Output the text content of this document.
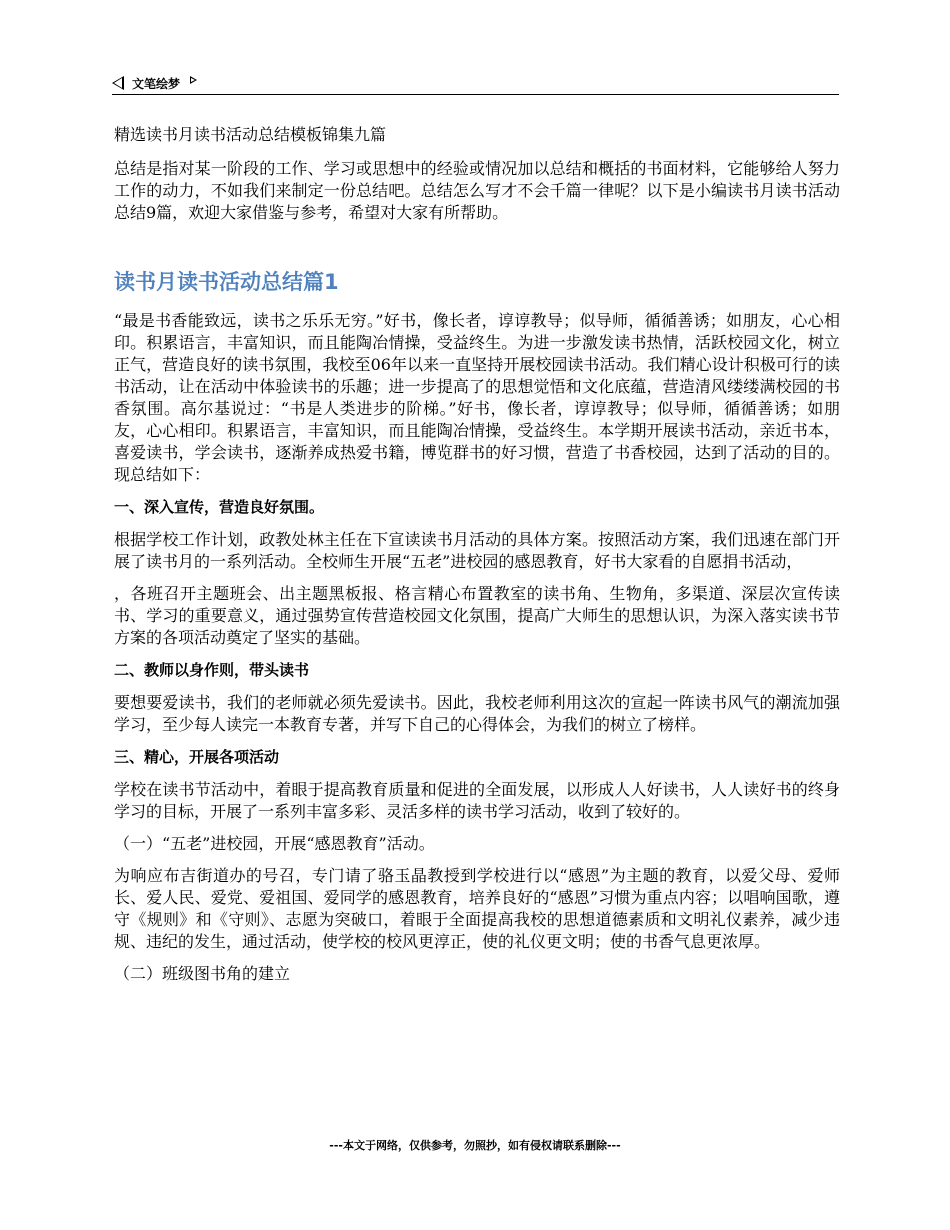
文笔绘梦

精选读书月读书活动总结模板锦集九篇

总结是指对某一阶段的工作、学习或思想中的经验或情况加以总结和概括的书面材料，它能够给人努力工作的动力，不如我们来制定一份总结吧。总结怎么写才不会千篇一律呢？以下是小编读书月读书活动总结9篇，欢迎大家借鉴与参考，希望对大家有所帮助。

读书月读书活动总结篇1

“最是书香能致远，读书之乐乐无穷。”好书，像长者，谆谆教导；似导师，循循善诱；如朋友，心心相印。积累语言，丰富知识，而且能陶冶情操，受益终生。为进一步激发读书热情，活跃校园文化，树立正气，营造良好的读书氛围，我校至06年以来一直坚持开展校园读书活动。我们精心设计积极可行的读书活动，让在活动中体验读书的乐趣；进一步提高了的思想觉悟和文化底蕴，营造清风缕缕满校园的书香氛围。高尔基说过：“书是人类进步的阶梯。”好书，像长者，谆谆教导；似导师，循循善诱；如朋友，心心相印。积累语言，丰富知识，而且能陶冶情操，受益终生。本学期开展读书活动，亲近书本，喜爱读书，学会读书，逐渐养成热爱书籍，博览群书的好习惯，营造了书香校园，达到了活动的目的。现总结如下：

一、深入宣传，营造良好氛围。

根据学校工作计划，政教处林主任在下宣读读书月活动的具体方案。按照活动方案，我们迅速在部门开展了读书月的一系列活动。全校师生开展“五老”进校园的感恩教育，好书大家看的自愿捐书活动，

，各班召开主题班会、出主题黑板报、格言精心布置教室的读书角、生物角，多渠道、深层次宣传读书、学习的重要意义，通过强势宣传营造校园文化氛围，提高广大师生的思想认识，为深入落实读书节方案的各项活动奠定了坚实的基础。

二、教师以身作则，带头读书

要想要爱读书，我们的老师就必须先爱读书。因此，我校老师利用这次的宣起一阵读书风气的潮流加强学习，至少每人读完一本教育专著，并写下自己的心得体会，为我们的树立了榜样。

三、精心，开展各项活动

学校在读书节活动中，着眼于提高教育质量和促进的全面发展，以形成人人好读书，人人读好书的终身学习的目标，开展了一系列丰富多彩、灵活多样的读书学习活动，收到了较好的。

（一）“五老”进校园，开展“感恩教育”活动。

为响应布吉街道办的号召，专门请了骆玉晶教授到学校进行以“感恩”为主题的教育，以爱父母、爱师长、爱人民、爱党、爱祖国、爱同学的感恩教育，培养良好的“感恩”习惯为重点内容；以唱响国歌，遵守《规则》和《守则》、志愿为突破口，着眼于全面提高我校的思想道德素质和文明礼仪素养，减少违规、违纪的发生，通过活动，使学校的校风更淳正，使的礼仪更文明；使的书香气息更浓厚。

（二）班级图书角的建立

---本文于网络，仅供参考，勿照抄，如有侵权请联系删除---
